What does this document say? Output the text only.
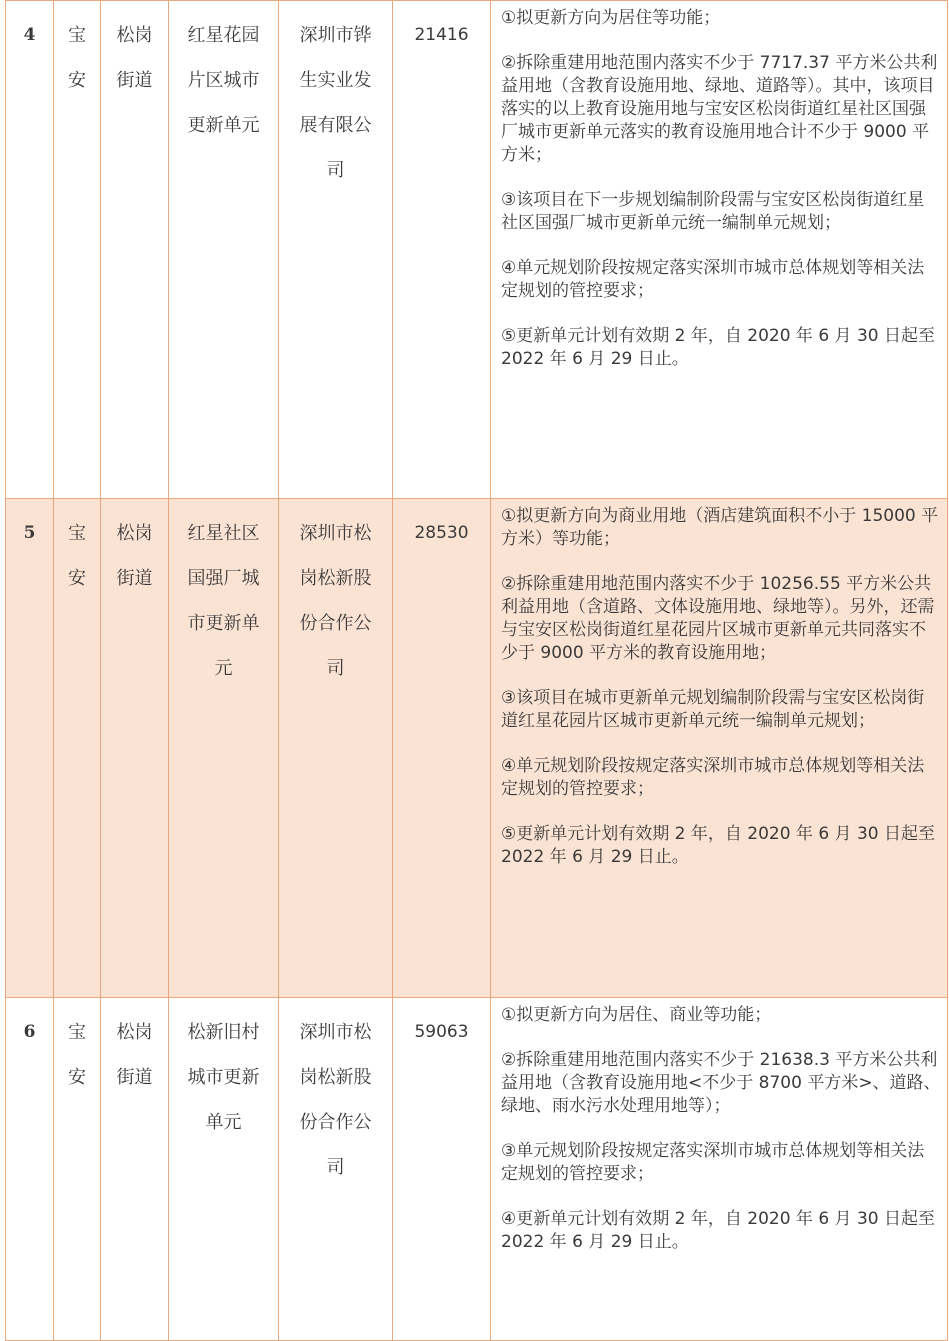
4	宝安	松岗街道	红星花园片区城市更新单元	深圳市铧生实业发展有限公司	21416	①拟更新方向为居住等功能；

②拆除重建用地范围内落实不少于 7717.37 平方米公共利益用地（含教育设施用地、绿地、道路等）。其中，该项目落实的以上教育设施用地与宝安区松岗街道红星社区国强厂城市更新单元落实的教育设施用地合计不少于 9000 平方米；

③该项目在下一步规划编制阶段需与宝安区松岗街道红星社区国强厂城市更新单元统一编制单元规划；

④单元规划阶段按规定落实深圳市城市总体规划等相关法定规划的管控要求；

⑤更新单元计划有效期 2 年，自 2020 年 6 月 30 日起至 2022 年 6 月 29 日止。

5	宝安	松岗街道	红星社区国强厂城市更新单元	深圳市松岗松新股份合作公司	28530	①拟更新方向为商业用地（酒店建筑面积不小于 15000 平方米）等功能；

②拆除重建用地范围内落实不少于 10256.55 平方米公共利益用地（含道路、文体设施用地、绿地等）。另外，还需与宝安区松岗街道红星花园片区城市更新单元共同落实不少于 9000 平方米的教育设施用地；

③该项目在城市更新单元规划编制阶段需与宝安区松岗街道红星花园片区城市更新单元统一编制单元规划；

④单元规划阶段按规定落实深圳市城市总体规划等相关法定规划的管控要求；

⑤更新单元计划有效期 2 年，自 2020 年 6 月 30 日起至 2022 年 6 月 29 日止。

6	宝安	松岗街道	松新旧村城市更新单元	深圳市松岗松新股份合作公司	59063	①拟更新方向为居住、商业等功能；

②拆除重建用地范围内落实不少于 21638.3 平方米公共利益用地（含教育设施用地<不少于 8700 平方米>、道路、绿地、雨水污水处理用地等）；

③单元规划阶段按规定落实深圳市城市总体规划等相关法定规划的管控要求；

④更新单元计划有效期 2 年，自 2020 年 6 月 30 日起至 2022 年 6 月 29 日止。
